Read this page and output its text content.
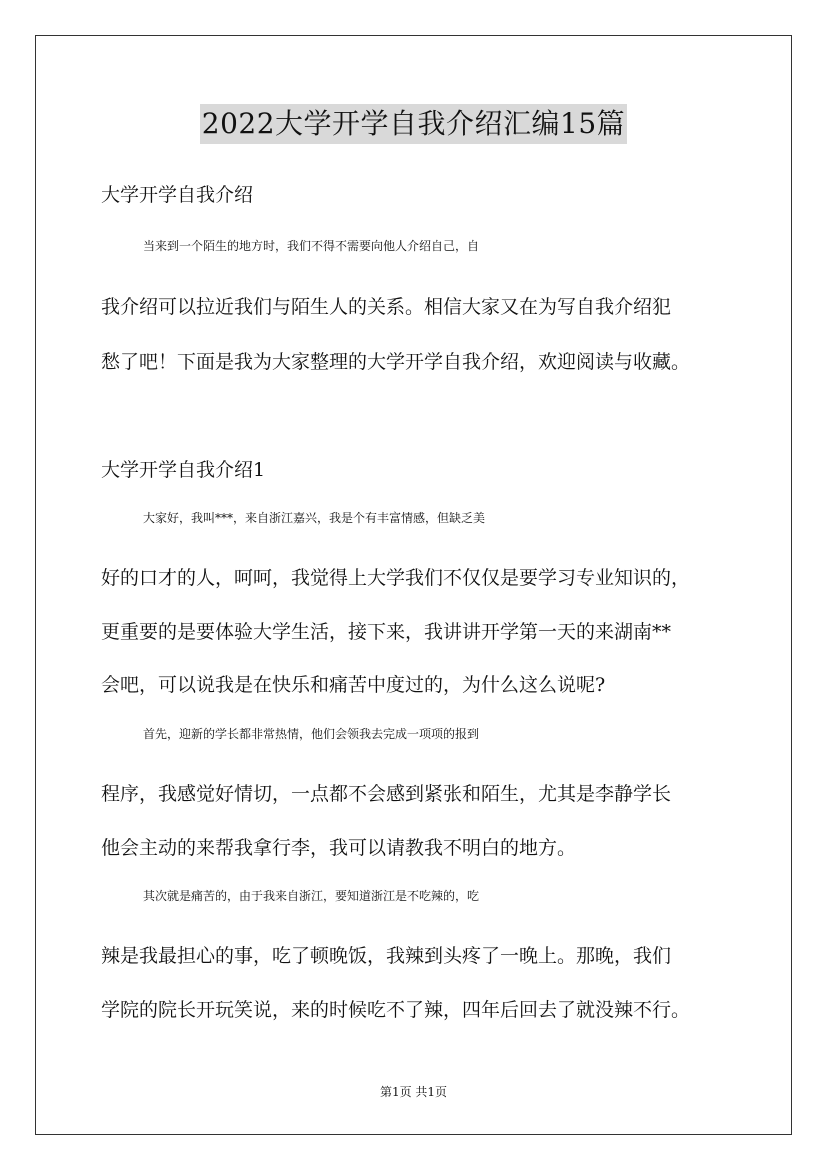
2022大学开学自我介绍汇编15篇

大学开学自我介绍

当来到一个陌生的地方时，我们不得不需要向他人介绍自己，自

我介绍可以拉近我们与陌生人的关系。相信大家又在为写自我介绍犯

愁了吧！下面是我为大家整理的大学开学自我介绍，欢迎阅读与收藏。

大学开学自我介绍1

大家好，我叫***，来自浙江嘉兴，我是个有丰富情感，但缺乏美

好的口才的人，呵呵，我觉得上大学我们不仅仅是要学习专业知识的，

更重要的是要体验大学生活，接下来，我讲讲开学第一天的来湖南**

会吧，可以说我是在快乐和痛苦中度过的，为什么这么说呢?

首先，迎新的学长都非常热情，他们会领我去完成一项项的报到

程序，我感觉好情切，一点都不会感到紧张和陌生，尤其是李静学长

他会主动的来帮我拿行李，我可以请教我不明白的地方。

其次就是痛苦的，由于我来自浙江，要知道浙江是不吃辣的，吃

辣是我最担心的事，吃了顿晚饭，我辣到头疼了一晚上。那晚，我们

学院的院长开玩笑说，来的时候吃不了辣，四年后回去了就没辣不行。

第1页 共1页
